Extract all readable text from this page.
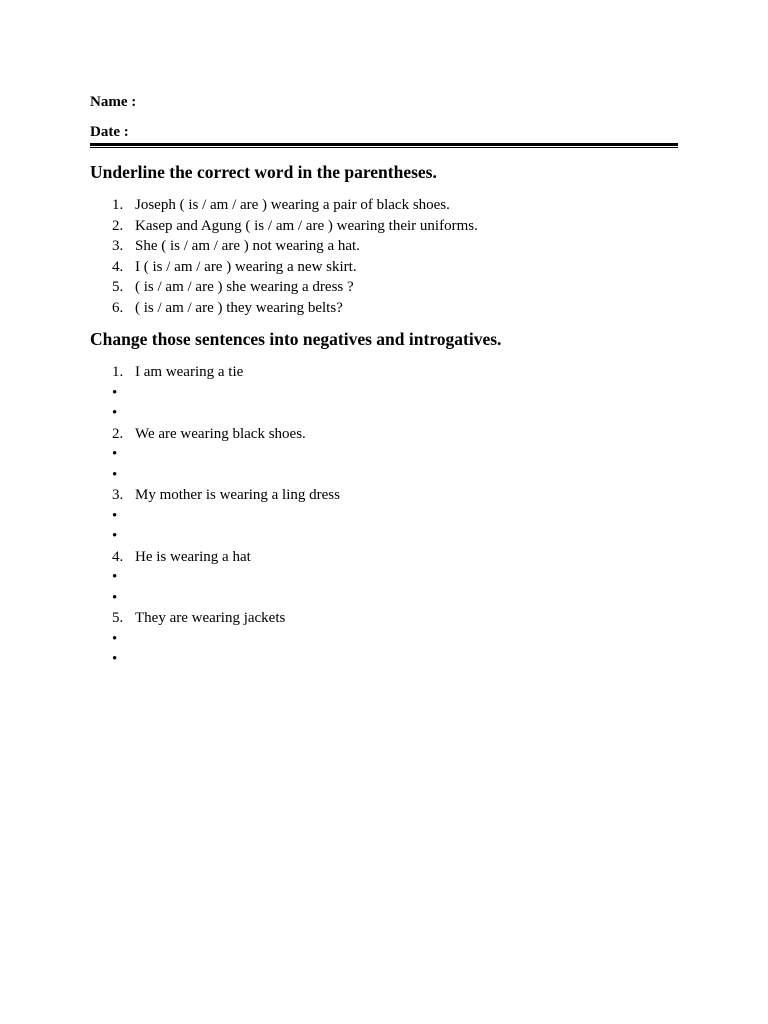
Name :
Date :
Underline the correct word in the parentheses.
1. Joseph ( is / am / are ) wearing a pair of black shoes.
2. Kasep and Agung ( is / am / are ) wearing their uniforms.
3. She ( is / am / are ) not wearing a hat.
4. I ( is / am / are ) wearing a new skirt.
5. ( is / am / are ) she wearing a dress ?
6. ( is / am / are ) they wearing belts?
Change those sentences into negatives and introgatives.
1. I am wearing a tie
•
•
2. We are wearing black shoes.
•
•
3. My mother is wearing a ling dress
•
•
4. He is wearing a hat
•
•
5. They are wearing jackets
•
•
